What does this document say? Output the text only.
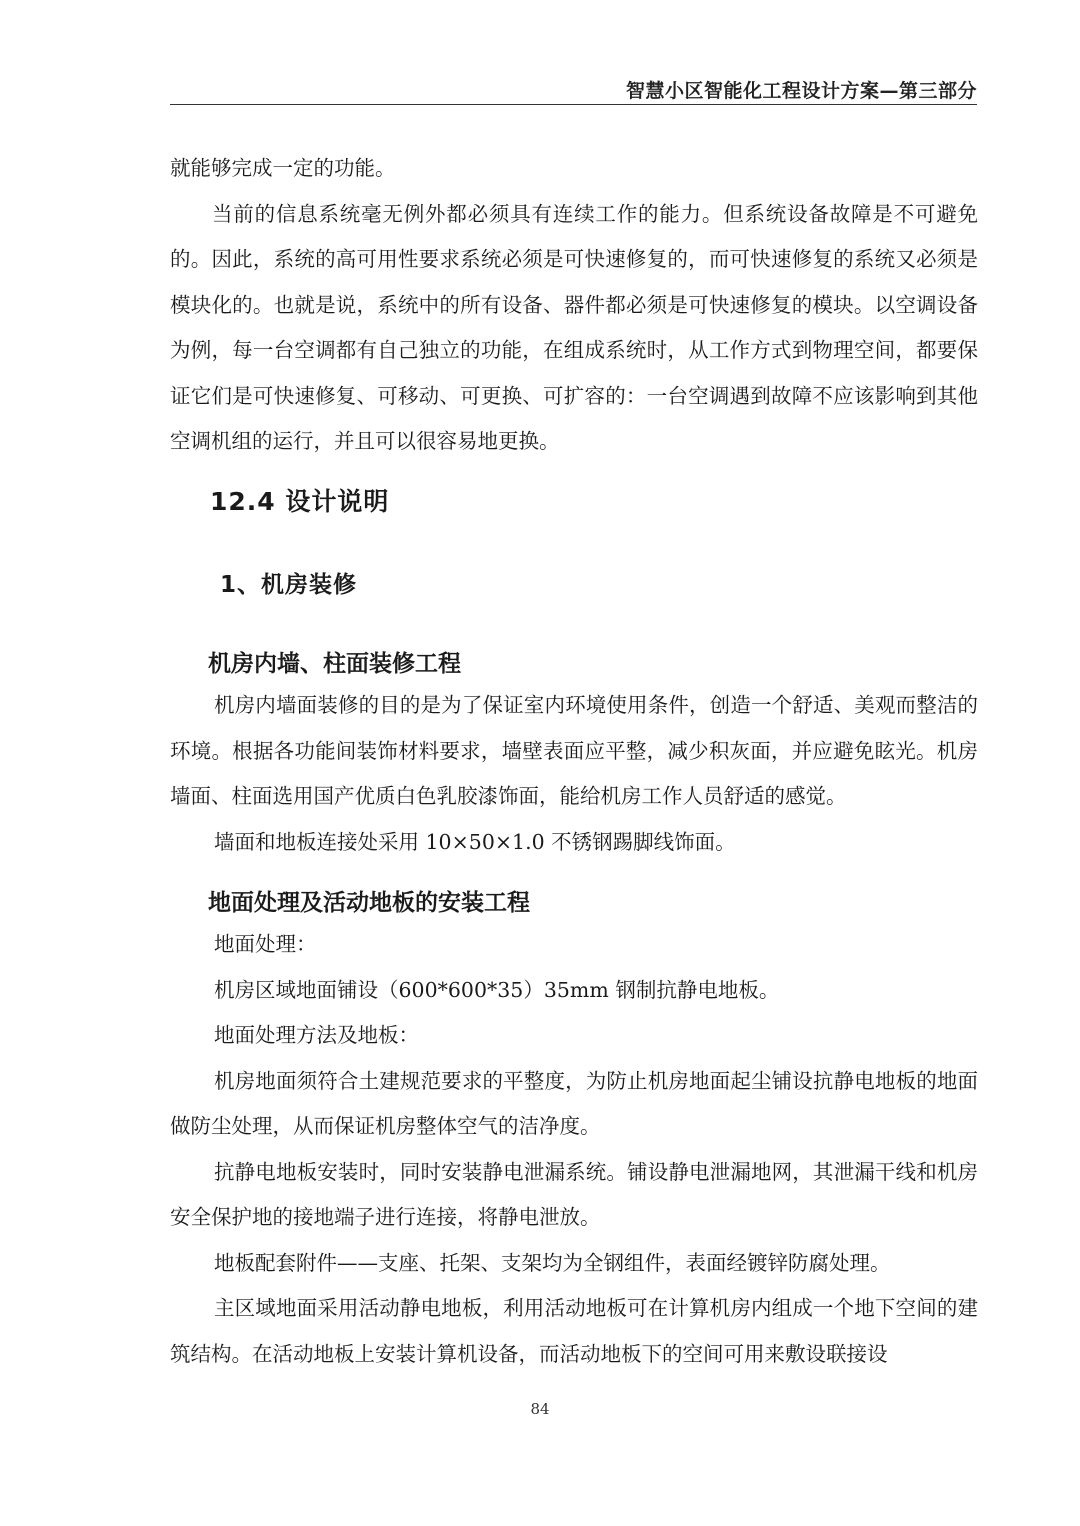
智慧小区智能化工程设计方案—第三部分

就能够完成一定的功能。

当前的信息系统毫无例外都必须具有连续工作的能力。但系统设备故障是不可避免的。因此，系统的高可用性要求系统必须是可快速修复的，而可快速修复的系统又必须是模块化的。也就是说，系统中的所有设备、器件都必须是可快速修复的模块。以空调设备为例，每一台空调都有自己独立的功能，在组成系统时，从工作方式到物理空间，都要保证它们是可快速修复、可移动、可更换、可扩容的：一台空调遇到故障不应该影响到其他空调机组的运行，并且可以很容易地更换。

12.4 设计说明
1、机房装修
机房内墙、柱面装修工程

机房内墙面装修的目的是为了保证室内环境使用条件，创造一个舒适、美观而整洁的环境。根据各功能间装饰材料要求，墙壁表面应平整，减少积灰面，并应避免眩光。机房墙面、柱面选用国产优质白色乳胶漆饰面，能给机房工作人员舒适的感觉。

墙面和地板连接处采用 10×50×1.0 不锈钢踢脚线饰面。

地面处理及活动地板的安装工程

地面处理：

机房区域地面铺设（600*600*35）35mm 钢制抗静电地板。

地面处理方法及地板：

机房地面须符合土建规范要求的平整度，为防止机房地面起尘铺设抗静电地板的地面做防尘处理，从而保证机房整体空气的洁净度。

抗静电地板安装时，同时安装静电泄漏系统。铺设静电泄漏地网，其泄漏干线和机房安全保护地的接地端子进行连接，将静电泄放。

地板配套附件——支座、托架、支架均为全钢组件，表面经镀锌防腐处理。

主区域地面采用活动静电地板，利用活动地板可在计算机房内组成一个地下空间的建筑结构。在活动地板上安装计算机设备，而活动地板下的空间可用来敷设联接设

84
